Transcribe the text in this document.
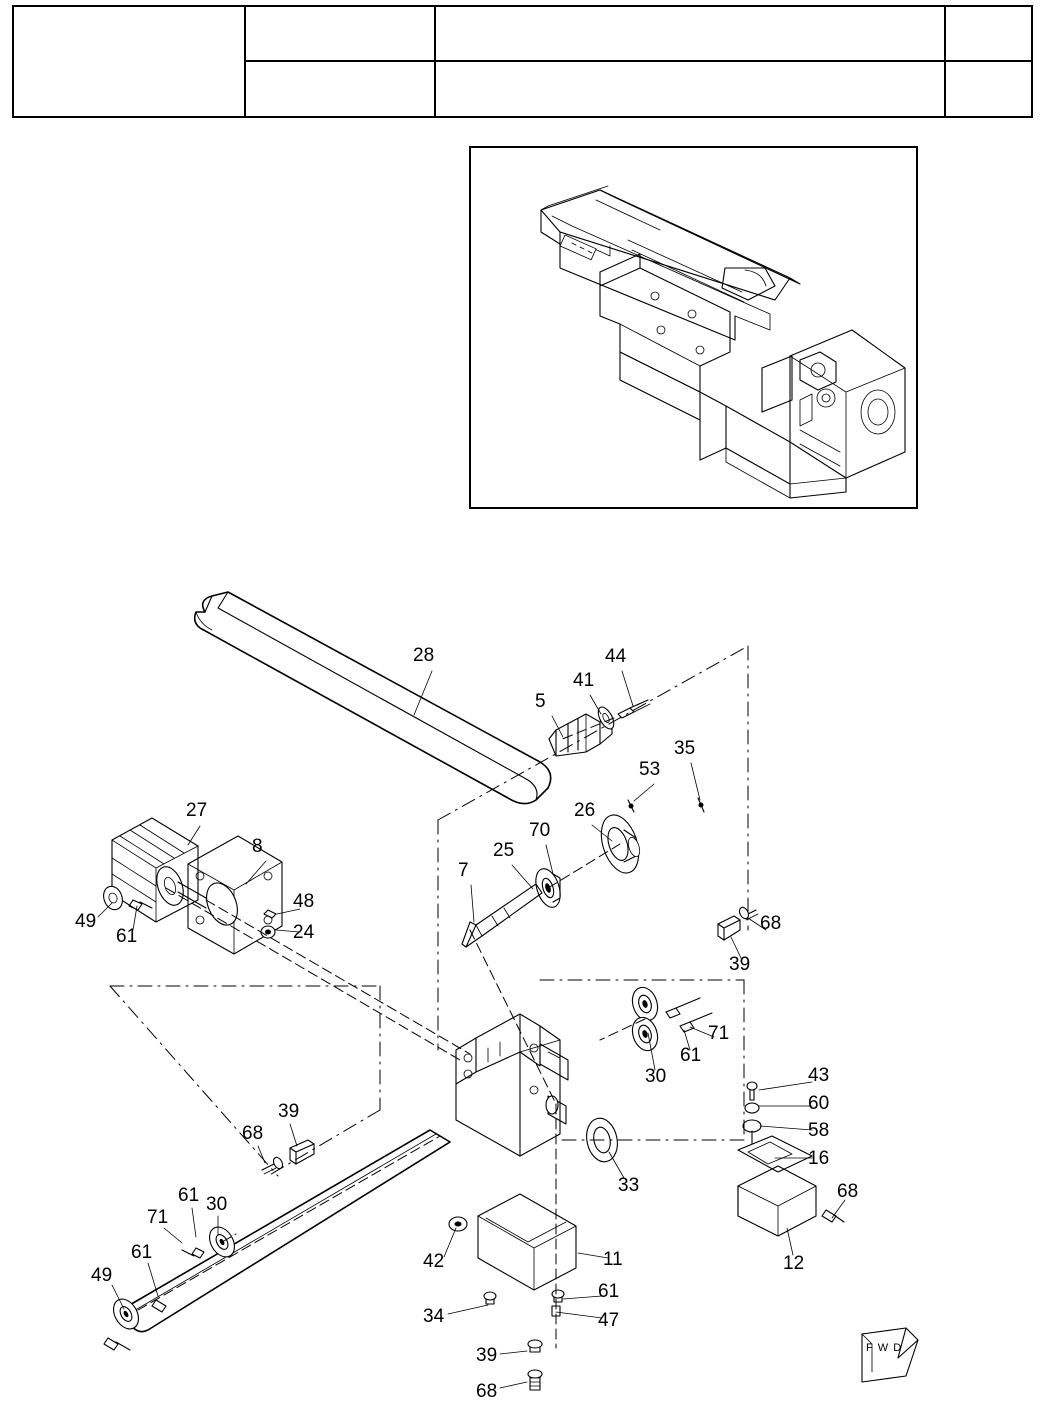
28
5
41
44
35
53
26
70
25
7
27
8
48
24
49
61
68
39
71
61
30	43
60
58
16
68
12
33
39
68
30
61
71
61
49
42	11
61
47
34
39
68
F W D
